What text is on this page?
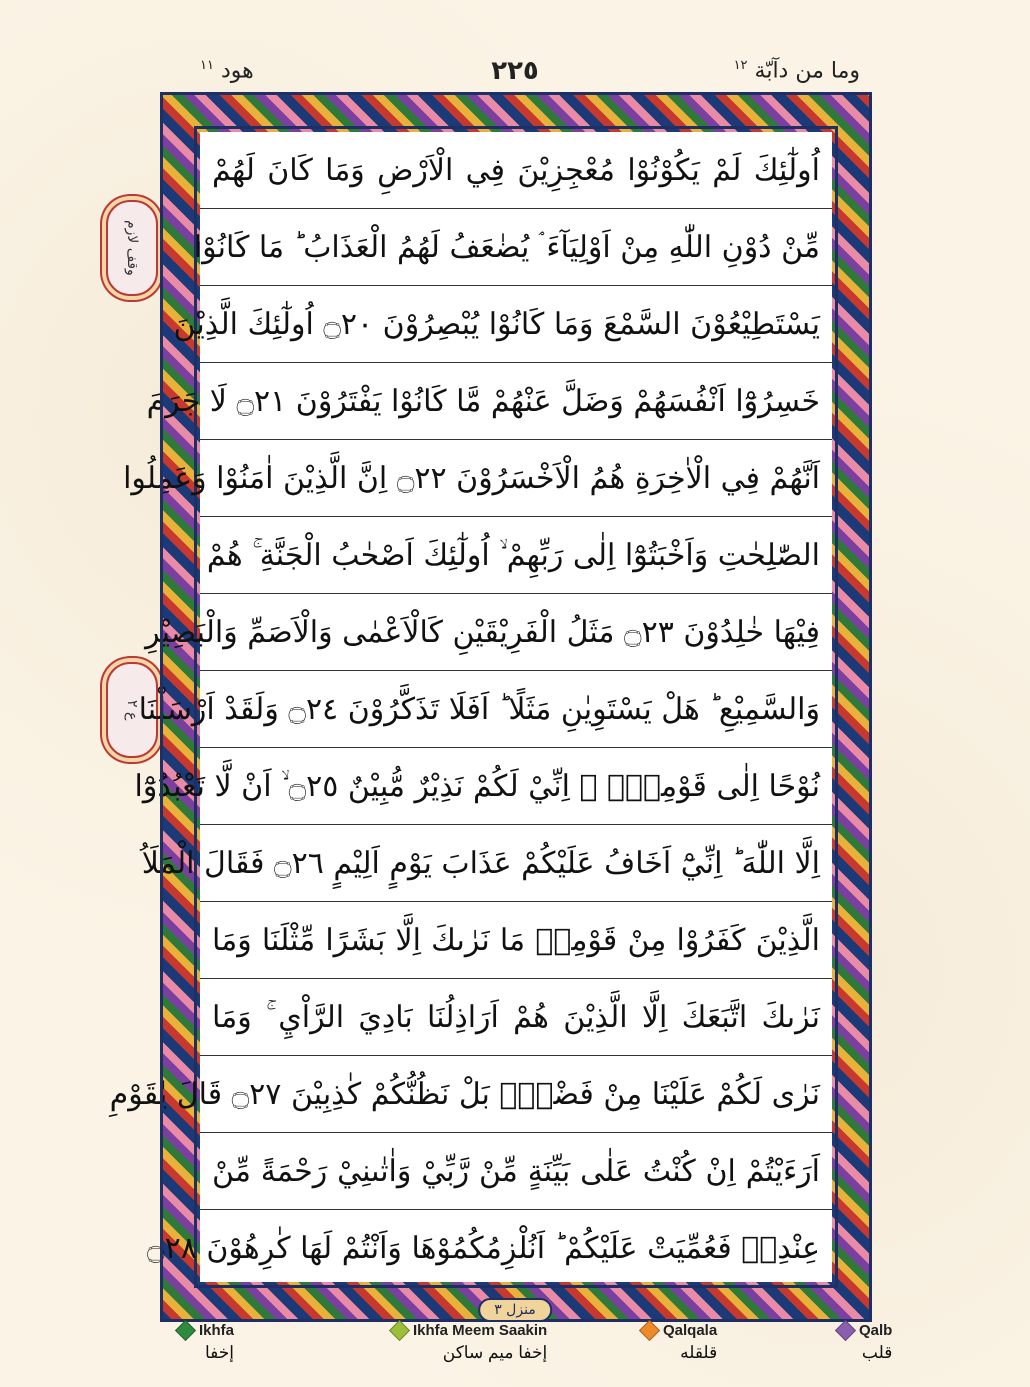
وما من دآبّة $^{١٢}$
٢٢٥
هود $^{١١}$
وقف لازم
ع ٢
اُولٰٓئِكَ لَمْ يَكُوْنُوْا مُعْجِزِيْنَ فِي الْاَرْضِ وَمَا كَانَ لَهُمْ
مِّنْ دُوْنِ اللّٰهِ مِنْ اَوْلِيَآءَ ۘ يُضٰعَفُ لَهُمُ الْعَذَابُ ؕ مَا كَانُوْا
يَسْتَطِيْعُوْنَ السَّمْعَ وَمَا كَانُوْا يُبْصِرُوْنَ ۝٢٠ اُولٰٓئِكَ الَّذِيْنَ
خَسِرُوْٓا اَنْفُسَهُمْ وَضَلَّ عَنْهُمْ مَّا كَانُوْا يَفْتَرُوْنَ ۝٢١ لَا جَرَمَ
اَنَّهُمْ فِي الْاٰخِرَةِ هُمُ الْاَخْسَرُوْنَ ۝٢٢ اِنَّ الَّذِيْنَ اٰمَنُوْا وَعَمِلُوا
الصّٰلِحٰتِ وَاَخْبَتُوْٓا اِلٰى رَبِّهِمْ ۙ اُولٰٓئِكَ اَصْحٰبُ الْجَنَّةِ ۚ هُمْ
فِيْهَا خٰلِدُوْنَ ۝٢٣ مَثَلُ الْفَرِيْقَيْنِ كَالْاَعْمٰى وَالْاَصَمِّ وَالْبَصِيْرِ
وَالسَّمِيْعِ ؕ هَلْ يَسْتَوِيٰنِ مَثَلًا ؕ اَفَلَا تَذَكَّرُوْنَ ۝٢٤ وَلَقَدْ اَرْسَلْنَا
نُوْحًا اِلٰى قَوْمِهٖٓ ۫ اِنِّيْ لَكُمْ نَذِيْرٌ مُّبِيْنٌ ۝٢٥ ۙ اَنْ لَّا تَعْبُدُوْٓا
اِلَّا اللّٰهَ ؕ اِنِّيْٓ اَخَافُ عَلَيْكُمْ عَذَابَ يَوْمٍ اَلِيْمٍ ۝٢٦ فَقَالَ الْمَلَاُ
الَّذِيْنَ كَفَرُوْا مِنْ قَوْمِهٖ مَا نَرٰىكَ اِلَّا بَشَرًا مِّثْلَنَا وَمَا
نَرٰىكَ اتَّبَعَكَ اِلَّا الَّذِيْنَ هُمْ اَرَاذِلُنَا بَادِيَ الرَّاْيِ ۚ وَمَا
نَرٰى لَكُمْ عَلَيْنَا مِنْ فَضْلٍۢ بَلْ نَظُنُّكُمْ كٰذِبِيْنَ ۝٢٧ قَالَ يٰقَوْمِ
اَرَءَيْتُمْ اِنْ كُنْتُ عَلٰى بَيِّنَةٍ مِّنْ رَّبِّيْ وَاٰتٰىنِيْ رَحْمَةً مِّنْ
عِنْدِهٖ فَعُمِّيَتْ عَلَيْكُمْ ؕ اَنُلْزِمُكُمُوْهَا وَاَنْتُمْ لَهَا كٰرِهُوْنَ ۝٢٨
منزل ٣
Ikhfa
إخفا
Ikhfa Meem Saakin
إخفا ميم ساكن
Qalqala
قلقله
Qalb
قلب
